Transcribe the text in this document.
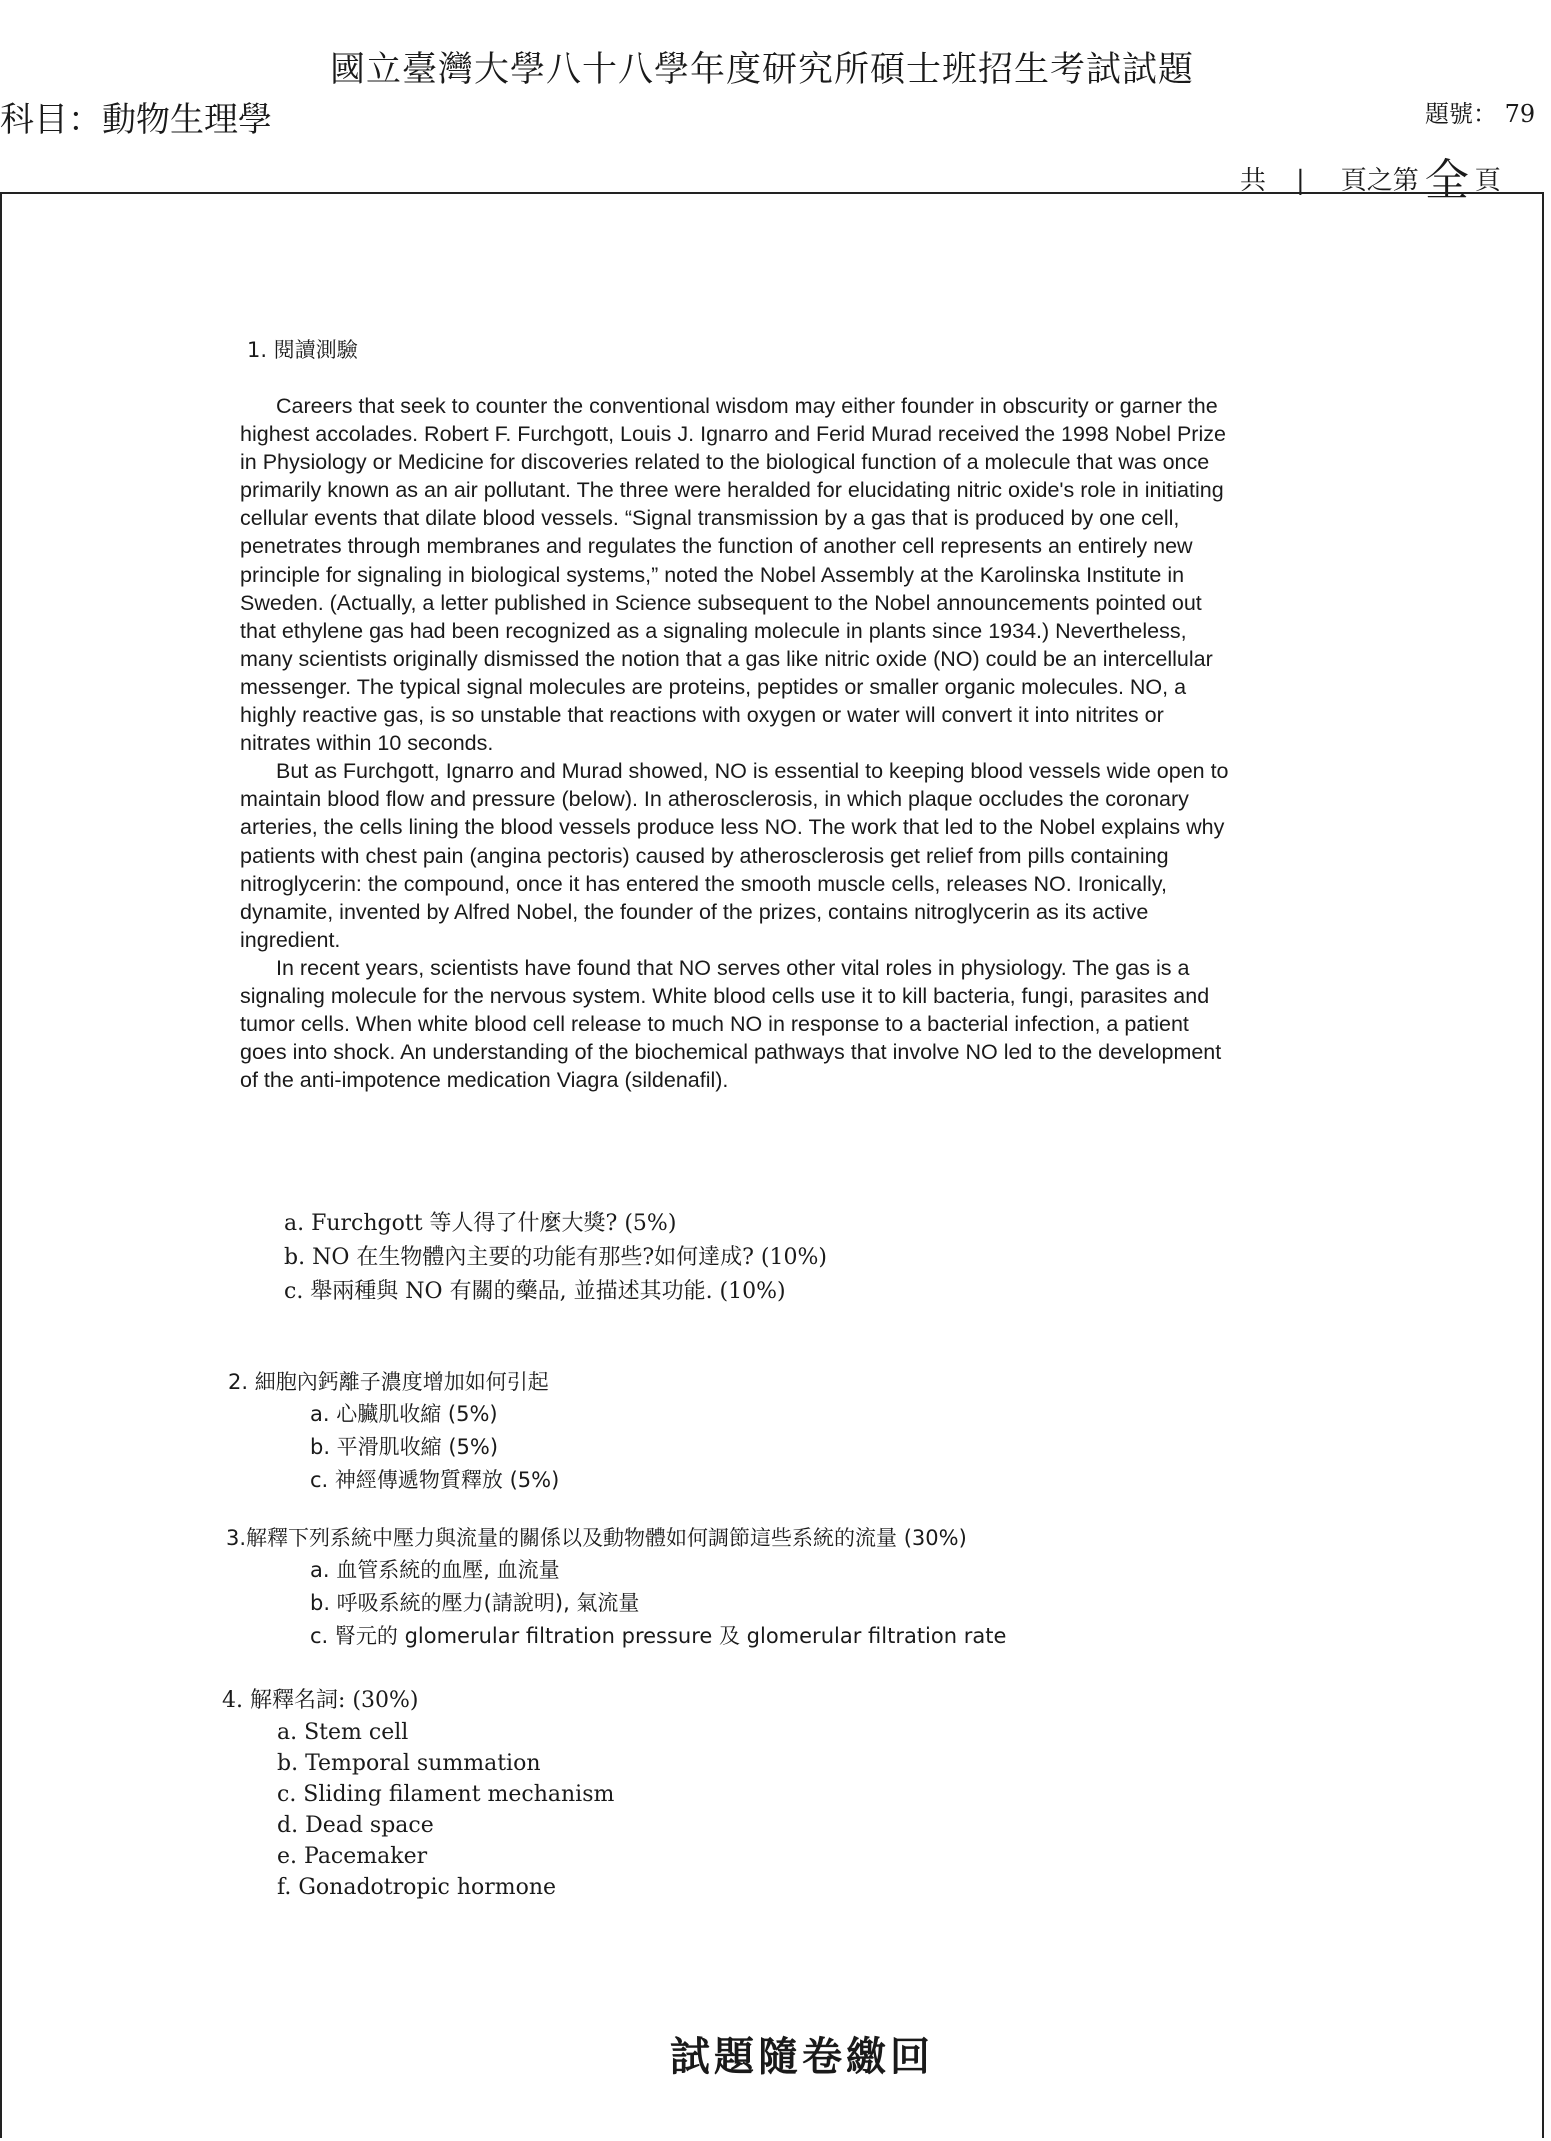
國立臺灣大學八十八學年度研究所碩士班招生考試試題
科目：動物生理學	題號： 79
共 | 頁之第 全 頁
1. 閱讀測驗

Careers that seek to counter the conventional wisdom may either founder in obscurity or garner the highest accolades. Robert F. Furchgott, Louis J. Ignarro and Ferid Murad received the 1998 Nobel Prize in Physiology or Medicine for discoveries related to the biological function of a molecule that was once primarily known as an air pollutant. The three were heralded for elucidating nitric oxide's role in initiating cellular events that dilate blood vessels. “Signal transmission by a gas that is produced by one cell, penetrates through membranes and regulates the function of another cell represents an entirely new principle for signaling in biological systems,” noted the Nobel Assembly at the Karolinska Institute in Sweden. (Actually, a letter published in Science subsequent to the Nobel announcements pointed out that ethylene gas had been recognized as a signaling molecule in plants since 1934.) Nevertheless, many scientists originally dismissed the notion that a gas like nitric oxide (NO) could be an intercellular messenger. The typical signal molecules are proteins, peptides or smaller organic molecules. NO, a highly reactive gas, is so unstable that reactions with oxygen or water will convert it into nitrites or nitrates within 10 seconds.

But as Furchgott, Ignarro and Murad showed, NO is essential to keeping blood vessels wide open to maintain blood flow and pressure (below). In atherosclerosis, in which plaque occludes the coronary arteries, the cells lining the blood vessels produce less NO. The work that led to the Nobel explains why patients with chest pain (angina pectoris) caused by atherosclerosis get relief from pills containing nitroglycerin: the compound, once it has entered the smooth muscle cells, releases NO. Ironically, dynamite, invented by Alfred Nobel, the founder of the prizes, contains nitroglycerin as its active ingredient.

In recent years, scientists have found that NO serves other vital roles in physiology. The gas is a signaling molecule for the nervous system. White blood cells use it to kill bacteria, fungi, parasites and tumor cells. When white blood cell release to much NO in response to a bacterial infection, a patient goes into shock. An understanding of the biochemical pathways that involve NO led to the development of the anti-impotence medication Viagra (sildenafil).

a. Furchgott 等人得了什麼大獎? (5%)
b. NO 在生物體內主要的功能有那些?如何達成? (10%)
c. 舉兩種與 NO 有關的藥品, 並描述其功能. (10%)
2. 細胞內鈣離子濃度增加如何引起
a. 心臟肌收縮 (5%)
b. 平滑肌收縮 (5%)
c. 神經傳遞物質釋放 (5%)
3.解釋下列系統中壓力與流量的關係以及動物體如何調節這些系統的流量 (30%)
a. 血管系統的血壓, 血流量
b. 呼吸系統的壓力(請說明), 氣流量
c. 腎元的 glomerular filtration pressure 及 glomerular filtration rate
4. 解釋名詞: (30%)
a. Stem cell
b. Temporal summation
c. Sliding filament mechanism
d. Dead space
e. Pacemaker
f. Gonadotropic hormone
試題隨卷繳回
